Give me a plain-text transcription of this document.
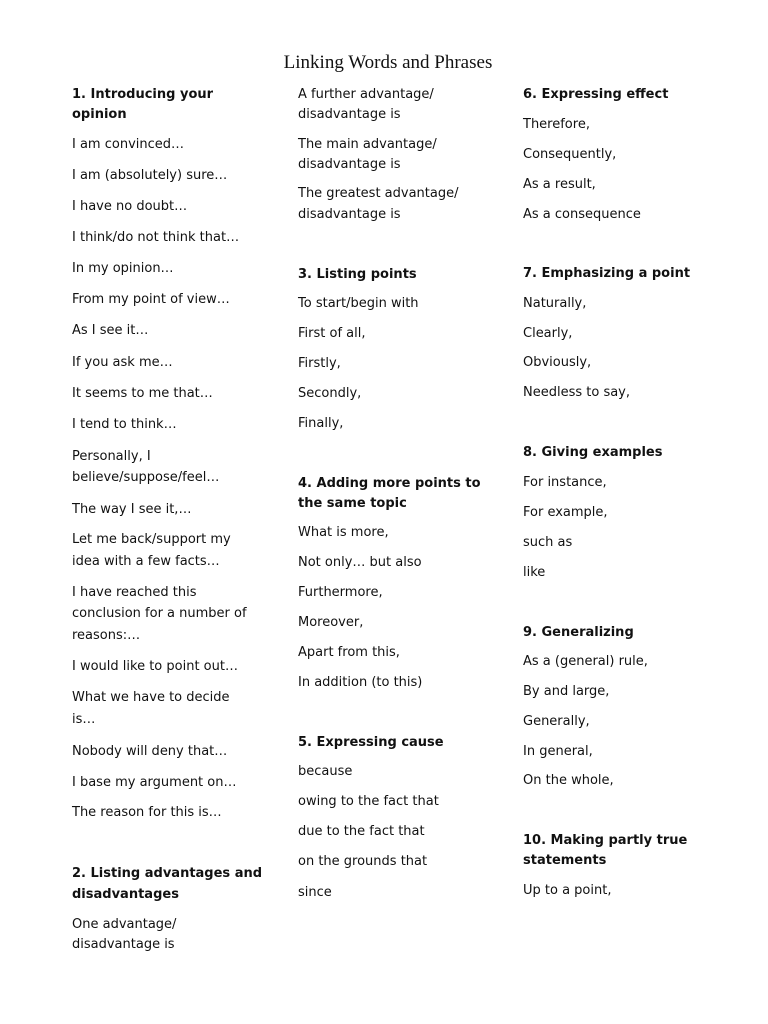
Linking Words and Phrases

1. Introducing your

opinion

I am convinced…

I am (absolutely) sure…

I have no doubt…

I think/do not think that…

In my opinion…

From my point of view…

As I see it…

If you ask me…

It seems to me that…

I tend to think…

Personally, I

believe/suppose/feel…

The way I see it,…

Let me back/support my

idea with a few facts…

I have reached this

conclusion for a number of

reasons:…

I would like to point out…

What we have to decide

is…

Nobody will deny that…

I base my argument on…

The reason for this is…

2. Listing advantages and

disadvantages

One advantage/

disadvantage is

A further advantage/

disadvantage is

The main advantage/

disadvantage is

The greatest advantage/

disadvantage is

3. Listing points

To start/begin with

First of all,

Firstly,

Secondly,

Finally,

4. Adding more points to

the same topic

What is more,

Not only… but also

Furthermore,

Moreover,

Apart from this,

In addition (to this)

5. Expressing cause

because

owing to the fact that

due to the fact that

on the grounds that

since

6. Expressing effect

Therefore,

Consequently,

As a result,

As a consequence

7. Emphasizing a point

Naturally,

Clearly,

Obviously,

Needless to say,

8. Giving examples

For instance,

For example,

such as

like

9. Generalizing

As a (general) rule,

By and large,

Generally,

In general,

On the whole,

10. Making partly true

statements

Up to a point,
